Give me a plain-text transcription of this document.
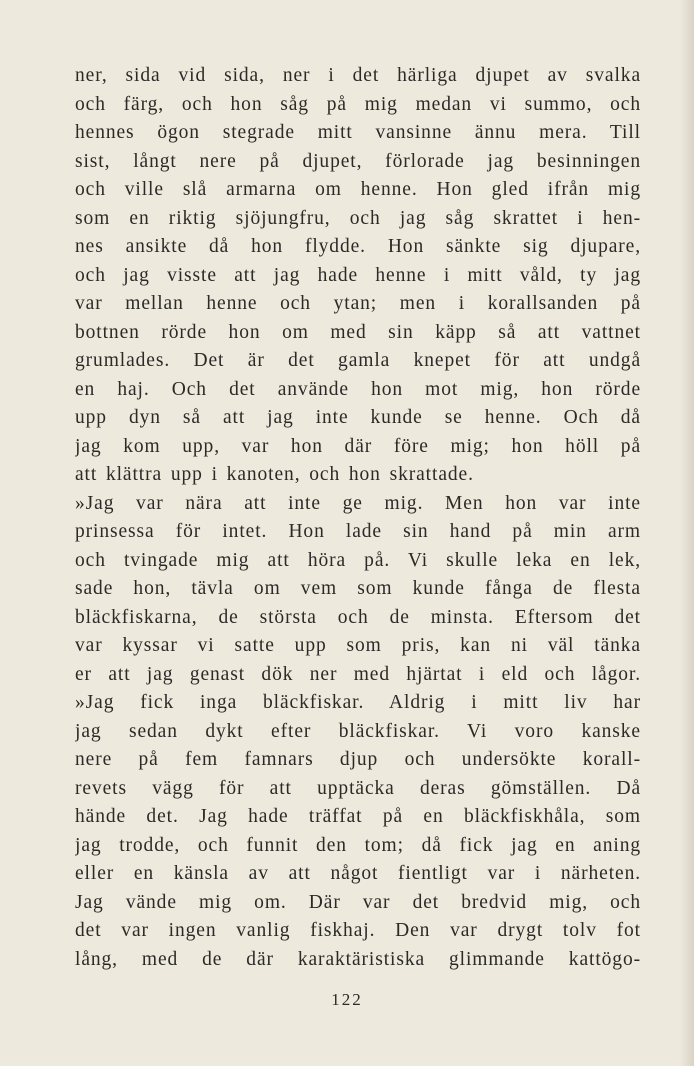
ner, sida vid sida, ner i det härliga djupet av svalka
och färg, och hon såg på mig medan vi summo, och
hennes ögon stegrade mitt vansinne ännu mera. Till
sist, långt nere på djupet, förlorade jag besinningen
och ville slå armarna om henne. Hon gled ifrån mig
som en riktig sjöjungfru, och jag såg skrattet i hen-
nes ansikte då hon flydde. Hon sänkte sig djupare,
och jag visste att jag hade henne i mitt våld, ty jag
var mellan henne och ytan; men i korallsanden på
bottnen rörde hon om med sin käpp så att vattnet
grumlades. Det är det gamla knepet för att undgå
en haj. Och det använde hon mot mig, hon rörde
upp dyn så att jag inte kunde se henne. Och då
jag kom upp, var hon där före mig; hon höll på
att klättra upp i kanoten, och hon skrattade.
»Jag var nära att inte ge mig. Men hon var inte
prinsessa för intet. Hon lade sin hand på min arm
och tvingade mig att höra på. Vi skulle leka en lek,
sade hon, tävla om vem som kunde fånga de flesta
bläckfiskarna, de största och de minsta. Eftersom det
var kyssar vi satte upp som pris, kan ni väl tänka
er att jag genast dök ner med hjärtat i eld och lågor.
»Jag fick inga bläckfiskar. Aldrig i mitt liv har
jag sedan dykt efter bläckfiskar. Vi voro kanske
nere på fem famnars djup och undersökte korall-
revets vägg för att upptäcka deras gömställen. Då
hände det. Jag hade träffat på en bläckfiskhåla, som
jag trodde, och funnit den tom; då fick jag en aning
eller en känsla av att något fientligt var i närheten.
Jag vände mig om. Där var det bredvid mig, och
det var ingen vanlig fiskhaj. Den var drygt tolv fot
lång, med de där karaktäristiska glimmande kattögo-
122
